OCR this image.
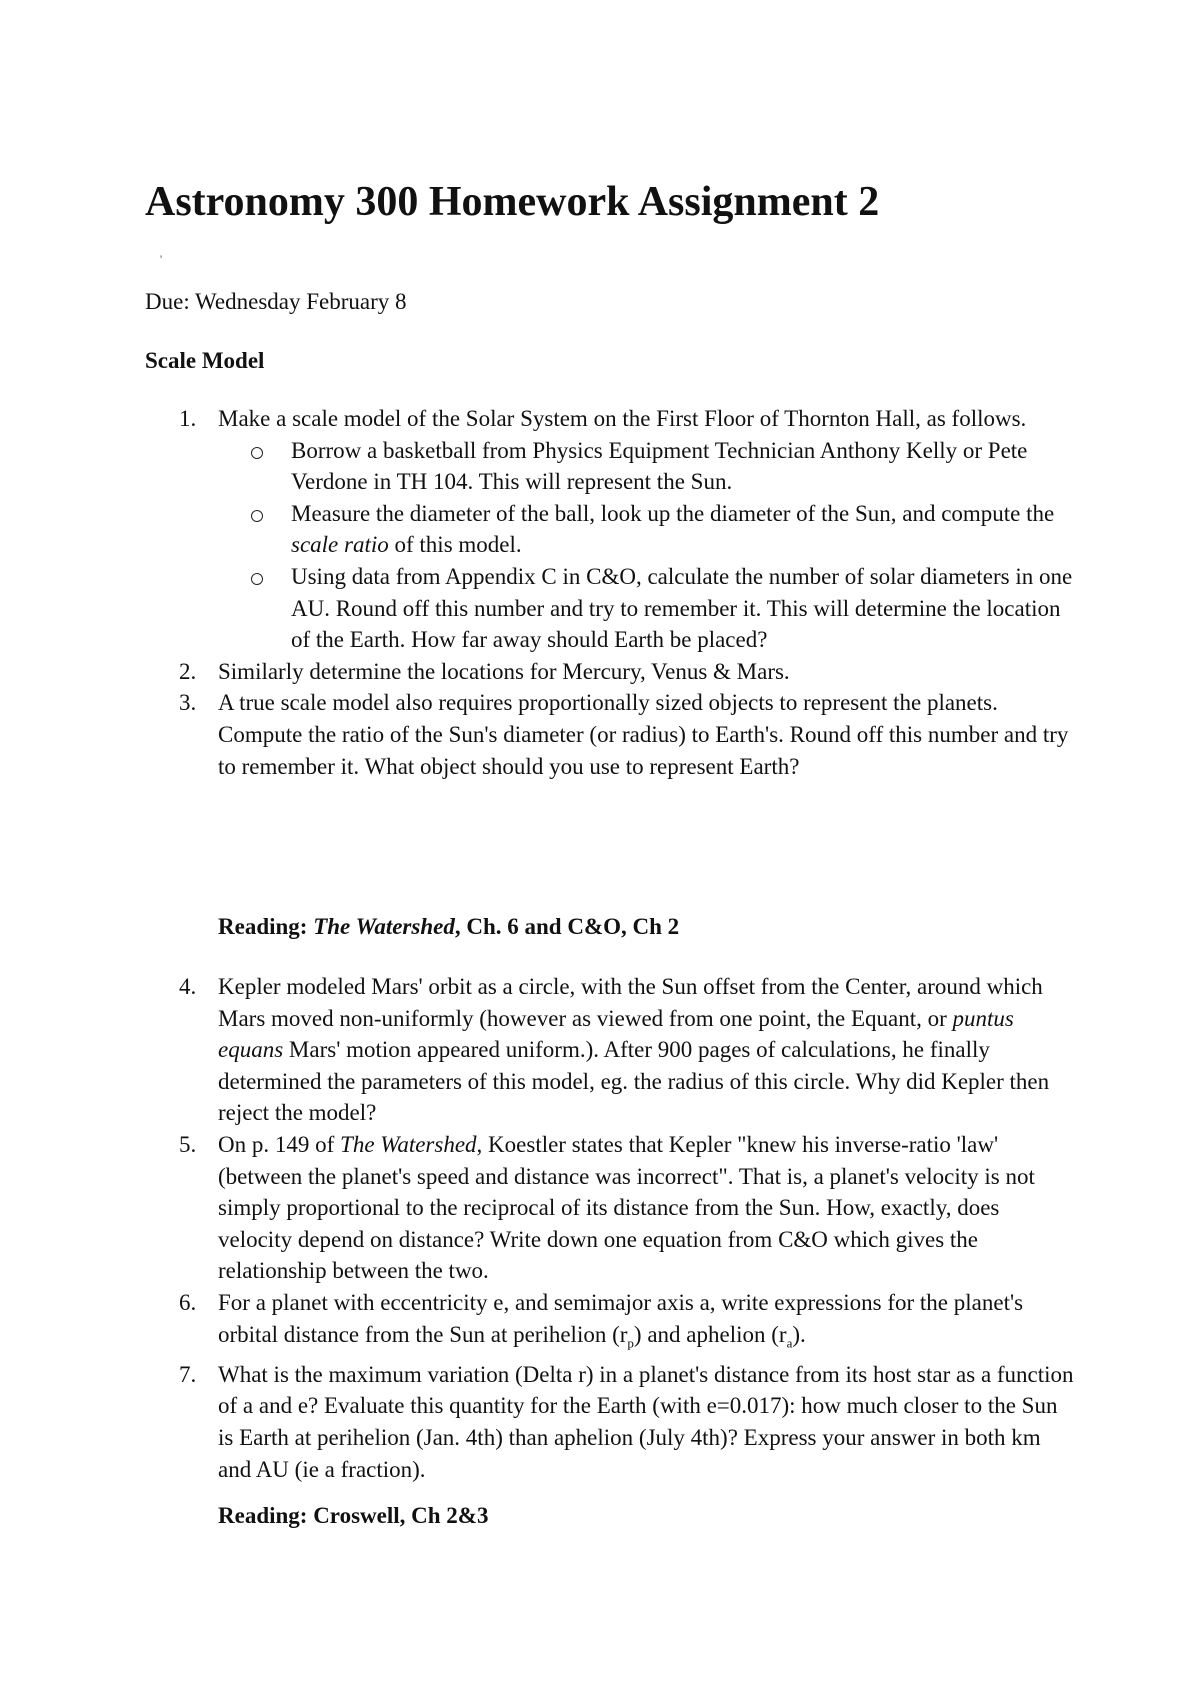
Astronomy 300 Homework Assignment 2
'
Due: Wednesday February 8
Scale Model
1. Make a scale model of the Solar System on the First Floor of Thornton Hall, as follows.
Borrow a basketball from Physics Equipment Technician Anthony Kelly or Pete Verdone in TH 104. This will represent the Sun.
Measure the diameter of the ball, look up the diameter of the Sun, and compute the scale ratio of this model.
Using data from Appendix C in C&O, calculate the number of solar diameters in one AU. Round off this number and try to remember it. This will determine the location of the Earth. How far away should Earth be placed?
2. Similarly determine the locations for Mercury, Venus & Mars.
3. A true scale model also requires proportionally sized objects to represent the planets. Compute the ratio of the Sun's diameter (or radius) to Earth's. Round off this number and try to remember it. What object should you use to represent Earth?
Reading: The Watershed, Ch. 6 and C&O, Ch 2
4. Kepler modeled Mars' orbit as a circle, with the Sun offset from the Center, around which Mars moved non-uniformly (however as viewed from one point, the Equant, or puntus equans Mars' motion appeared uniform.). After 900 pages of calculations, he finally determined the parameters of this model, eg. the radius of this circle. Why did Kepler then reject the model?
5. On p. 149 of The Watershed, Koestler states that Kepler "knew his inverse-ratio 'law' (between the planet's speed and distance was incorrect". That is, a planet's velocity is not simply proportional to the reciprocal of its distance from the Sun. How, exactly, does velocity depend on distance? Write down one equation from C&O which gives the relationship between the two.
6. For a planet with eccentricity e, and semimajor axis a, write expressions for the planet's orbital distance from the Sun at perihelion $(r_p)$ and aphelion $(r_a)$.
7. What is the maximum variation (Delta r) in a planet's distance from its host star as a function of a and e? Evaluate this quantity for the Earth (with e=0.017): how much closer to the Sun is Earth at perihelion (Jan. 4th) than aphelion (July 4th)? Express your answer in both km and AU (ie a fraction).
Reading: Croswell, Ch 2&3
